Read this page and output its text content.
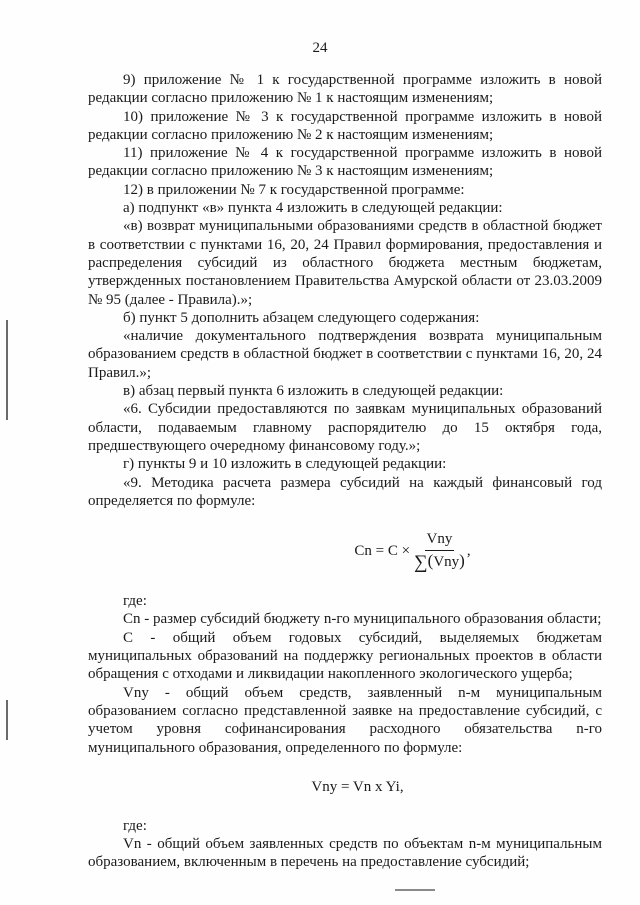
24

9) приложение № 1 к государственной программе изложить в новой редакции согласно приложению № 1 к настоящим изменениям;

10) приложение № 3 к государственной программе изложить в новой редакции согласно приложению № 2 к настоящим изменениям;

11) приложение № 4 к государственной программе изложить в новой редакции согласно приложению № 3 к настоящим изменениям;

12) в приложении № 7 к государственной программе:

а) подпункт «в» пункта 4 изложить в следующей редакции:

«в) возврат муниципальными образованиями средств в областной бюджет в соответствии с пунктами 16, 20, 24 Правил формирования, предоставления и распределения субсидий из областного бюджета местным бюджетам, утвержденных постановлением Правительства Амурской области от 23.03.2009 № 95 (далее - Правила).»;

б) пункт 5 дополнить абзацем следующего содержания:

«наличие документального подтверждения возврата муниципальным образованием средств в областной бюджет в соответствии с пунктами 16, 20, 24 Правил.»;

в) абзац первый пункта 6 изложить в следующей редакции:

«6. Субсидии предоставляются по заявкам муниципальных образований области, подаваемым главному распорядителю до 15 октября года, предшествующего очередному финансовому году.»;

г) пункты 9 и 10 изложить в следующей редакции:

«9. Методика расчета размера субсидий на каждый финансовый год определяется по формуле:

$Cn = C \times \frac{\text{Vny}}{\text{∑(Vny)}}$ ,

где:

Cn - размер субсидий бюджету n-го муниципального образования области;

C - общий объем годовых субсидий, выделяемых бюджетам муниципальных образований на поддержку региональных проектов в области обращения с отходами и ликвидации накопленного экологического ущерба;

Vny - общий объем средств, заявленный n-м муниципальным образованием согласно представленной заявке на предоставление субсидий, с учетом уровня софинансирования расходного обязательства n-го муниципального образования, определенного по формуле:

Vny = Vn x Yi,

где:

Vn - общий объем заявленных средств по объектам n-м муниципальным образованием, включенным в перечень на предоставление субсидий;
